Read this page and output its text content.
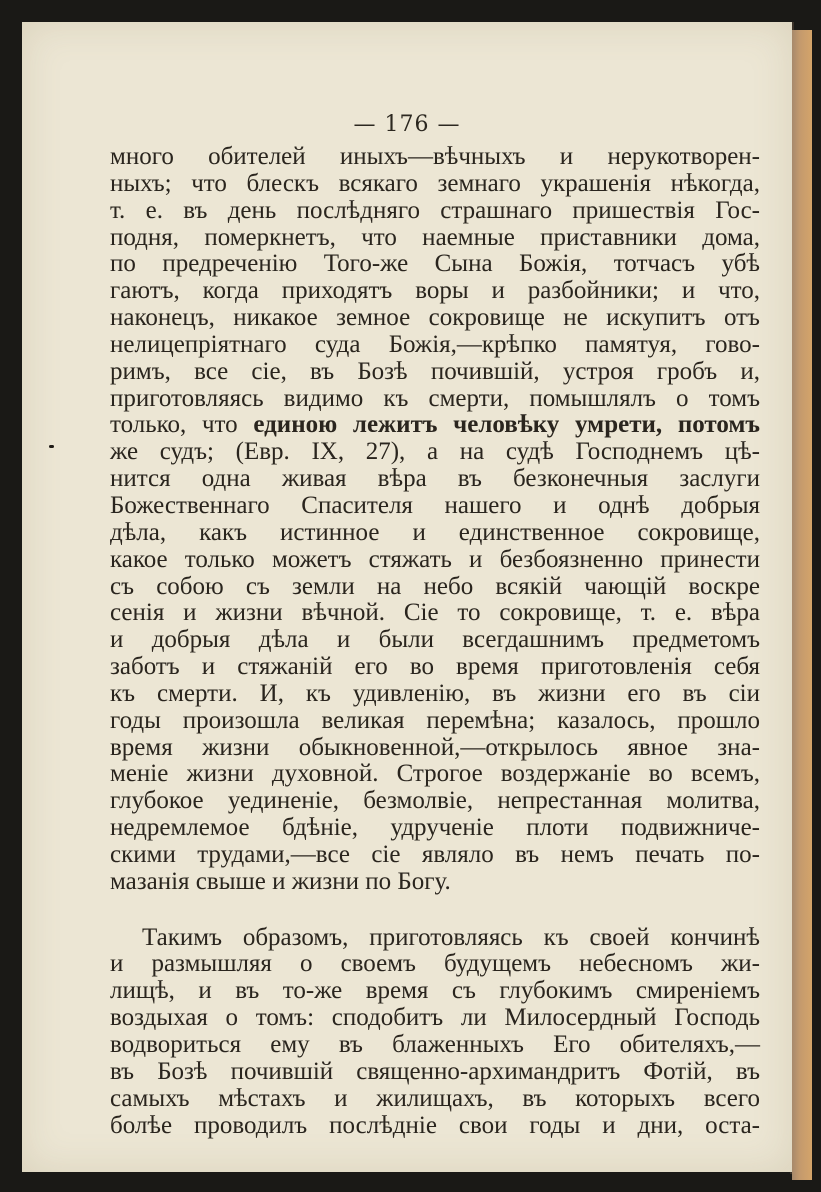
— 176 —
много обителей иныхъ—вѣчныхъ и нерукотворен-
ныхъ; что блескъ всякаго земнаго украшенія нѣкогда,
т. е. въ день послѣдняго страшнаго пришествія Гос-
подня, померкнетъ, что наемные приставники дома,
по предреченію Того-же Сына Божія, тотчасъ убѣ
гаютъ, когда приходятъ воры и разбойники; и что,
наконецъ, никакое земное сокровище не искупитъ отъ
нелицепріятнаго суда Божія,—крѣпко памятуя, гово-
римъ, все сіе, въ Бозѣ почившій, устроя гробъ и,
приготовляясь видимо къ смерти, помышлялъ о томъ
только, что единою лежитъ человѣку умрети, потомъ
же судъ; (Евр. IX, 27), а на судѣ Господнемъ цѣ-
нится одна живая вѣра въ безконечныя заслуги
Божественнаго Спасителя нашего и однѣ добрыя
дѣла, какъ истинное и единственное сокровище,
какое только можетъ стяжать и безбоязненно принести
съ собою съ земли на небо всякій чающій воскре
сенія и жизни вѣчной. Сіе то сокровище, т. е. вѣра
и добрыя дѣла и были всегдашнимъ предметомъ
заботъ и стяжаній его во время приготовленія себя
къ смерти. И, къ удивленію, въ жизни его въ сіи
годы произошла великая перемѣна; казалось, прошло
время жизни обыкновенной,—открылось явное зна-
меніе жизни духовной. Строгое воздержаніе во всемъ,
глубокое уединеніе, безмолвіе, непрестанная молитва,
недремлемое бдѣніе, удрученіе плоти подвижниче-
скими трудами,—все сіе являло въ немъ печать по-
мазанія свыше и жизни по Богу.
Такимъ образомъ, приготовляясь къ своей кончинѣ
и размышляя о своемъ будущемъ небесномъ жи-
лищѣ, и въ то-же время съ глубокимъ смиреніемъ
воздыхая о томъ: сподобитъ ли Милосердный Господь
водвориться ему въ блаженныхъ Его обителяхъ,—
въ Бозѣ почившій священно-архимандритъ Фотій, въ
самыхъ мѣстахъ и жилищахъ, въ которыхъ всего
болѣе проводилъ послѣдніе свои годы и дни, оста-
